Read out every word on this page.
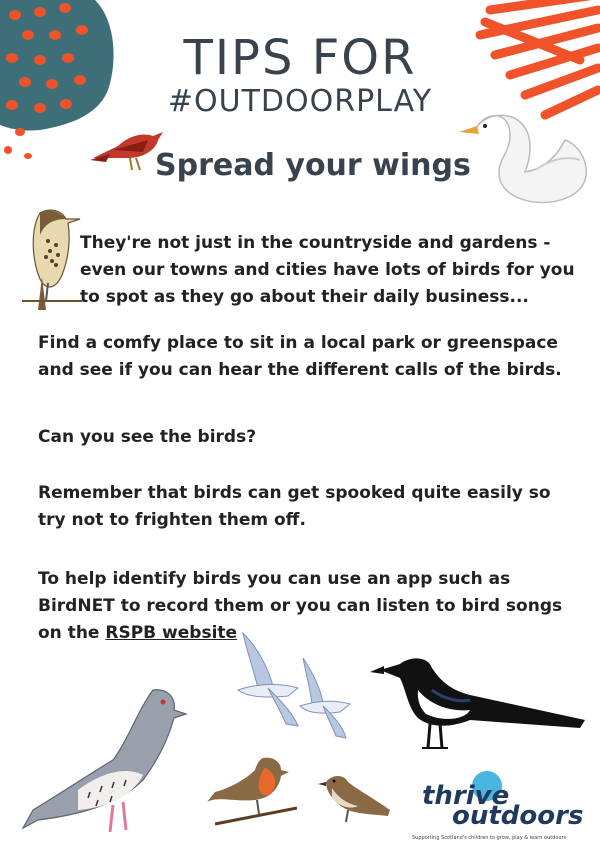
TIPS FOR
#OUTDOORPLAY
Spread your wings
They're not just in the countryside and gardens - even our towns and cities have lots of birds for you to spot as they go about their daily business...
Find a comfy place to sit in a local park or greenspace and see if you can hear the different calls of the birds.
Can you see the birds?
Remember that birds can get spooked quite easily so try not to frighten them off.
To help identify birds you can use an app such as BirdNET to record them or you can listen to bird songs on the RSPB website
thrive
outdoors
Supporting Scotland's children to grow, play & learn outdoors
